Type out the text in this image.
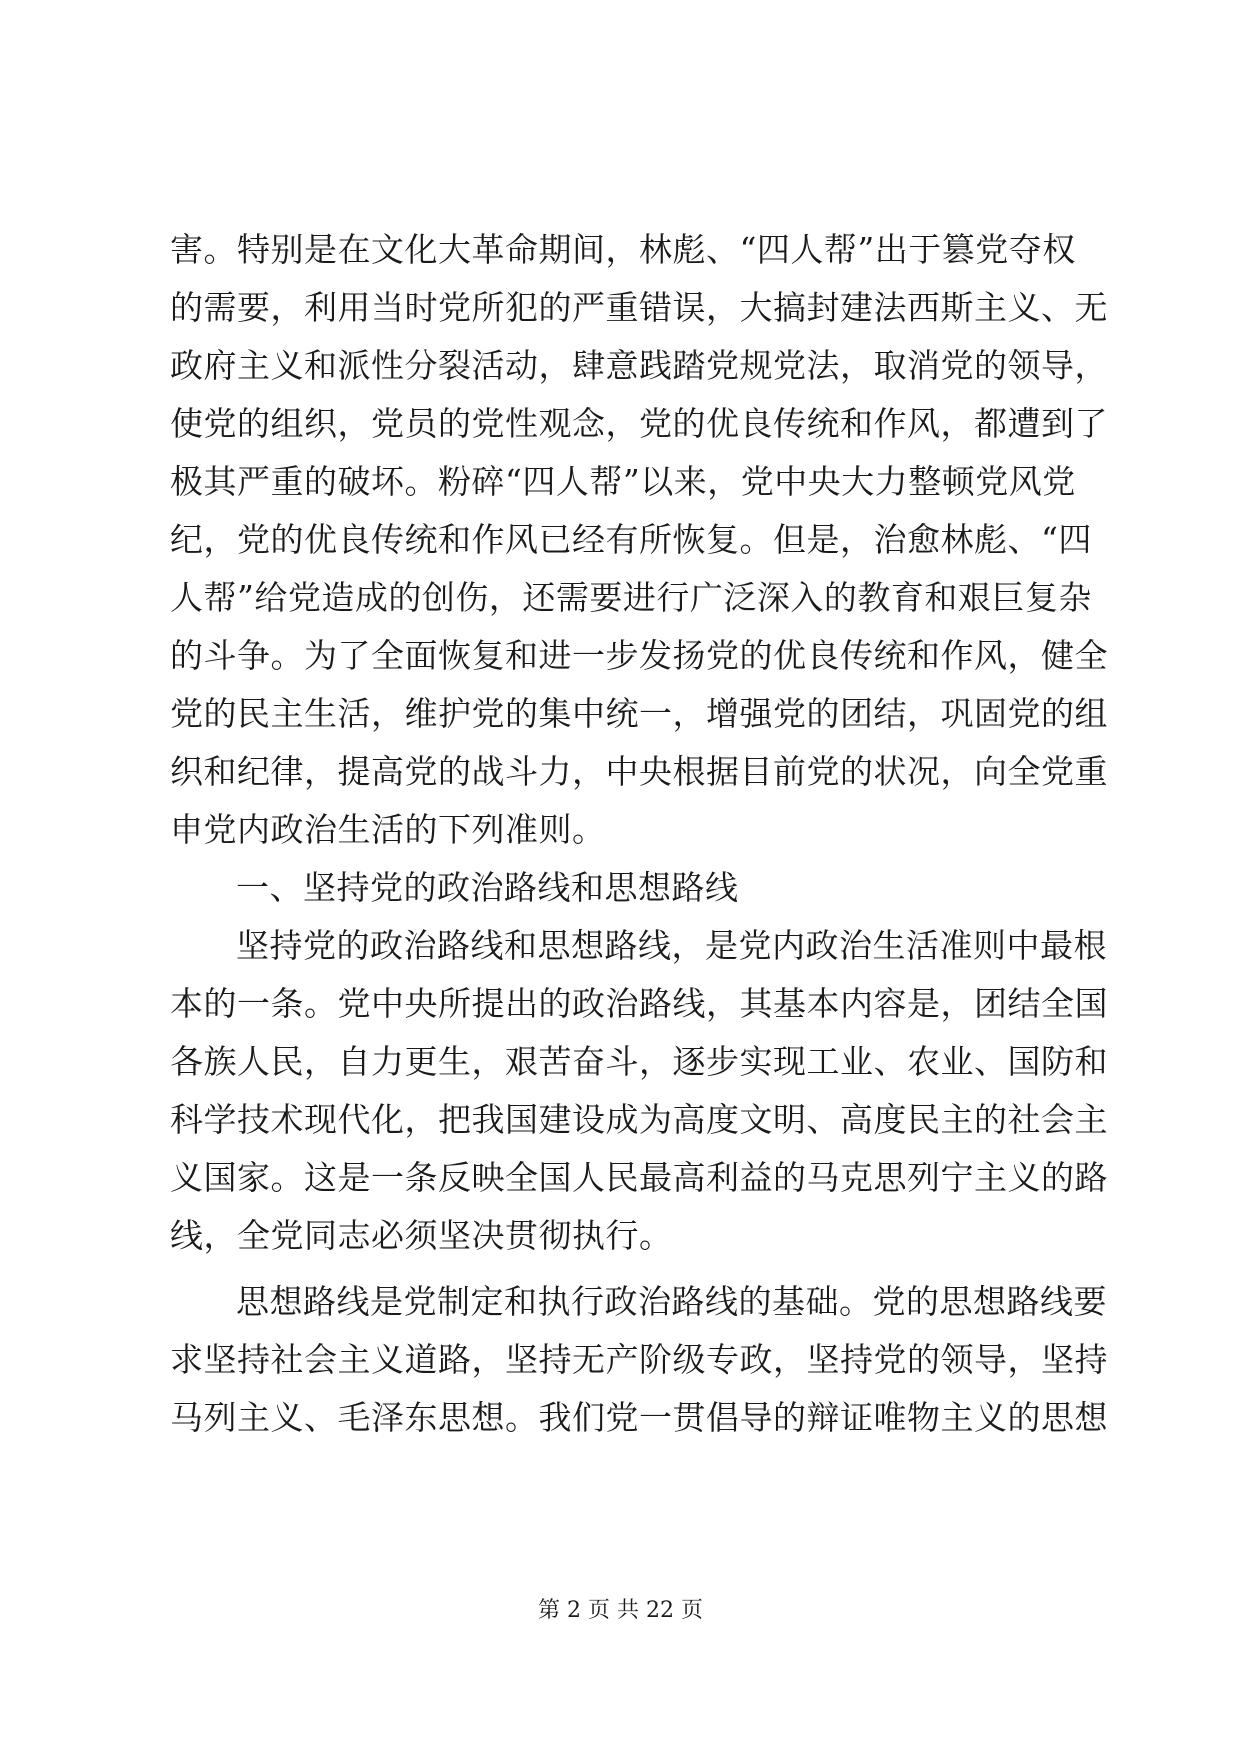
害。特别是在文化大革命期间，林彪、“四人帮”出于篡党夺权
的需要，利用当时党所犯的严重错误，大搞封建法西斯主义、无
政府主义和派性分裂活动，肆意践踏党规党法，取消党的领导，
使党的组织，党员的党性观念，党的优良传统和作风，都遭到了
极其严重的破坏。粉碎“四人帮”以来，党中央大力整顿党风党
纪，党的优良传统和作风已经有所恢复。但是，治愈林彪、“四
人帮”给党造成的创伤，还需要进行广泛深入的教育和艰巨复杂
的斗争。为了全面恢复和进一步发扬党的优良传统和作风，健全
党的民主生活，维护党的集中统一，增强党的团结，巩固党的组
织和纪律，提高党的战斗力，中央根据目前党的状况，向全党重
申党内政治生活的下列准则。
一、坚持党的政治路线和思想路线
坚持党的政治路线和思想路线，是党内政治生活准则中最根
本的一条。党中央所提出的政治路线，其基本内容是，团结全国
各族人民，自力更生，艰苦奋斗，逐步实现工业、农业、国防和
科学技术现代化，把我国建设成为高度文明、高度民主的社会主
义国家。这是一条反映全国人民最高利益的马克思列宁主义的路
线，全党同志必须坚决贯彻执行。
思想路线是党制定和执行政治路线的基础。党的思想路线要
求坚持社会主义道路，坚持无产阶级专政，坚持党的领导，坚持
马列主义、毛泽东思想。我们党一贯倡导的辩证唯物主义的思想
第 2 页 共 22 页
